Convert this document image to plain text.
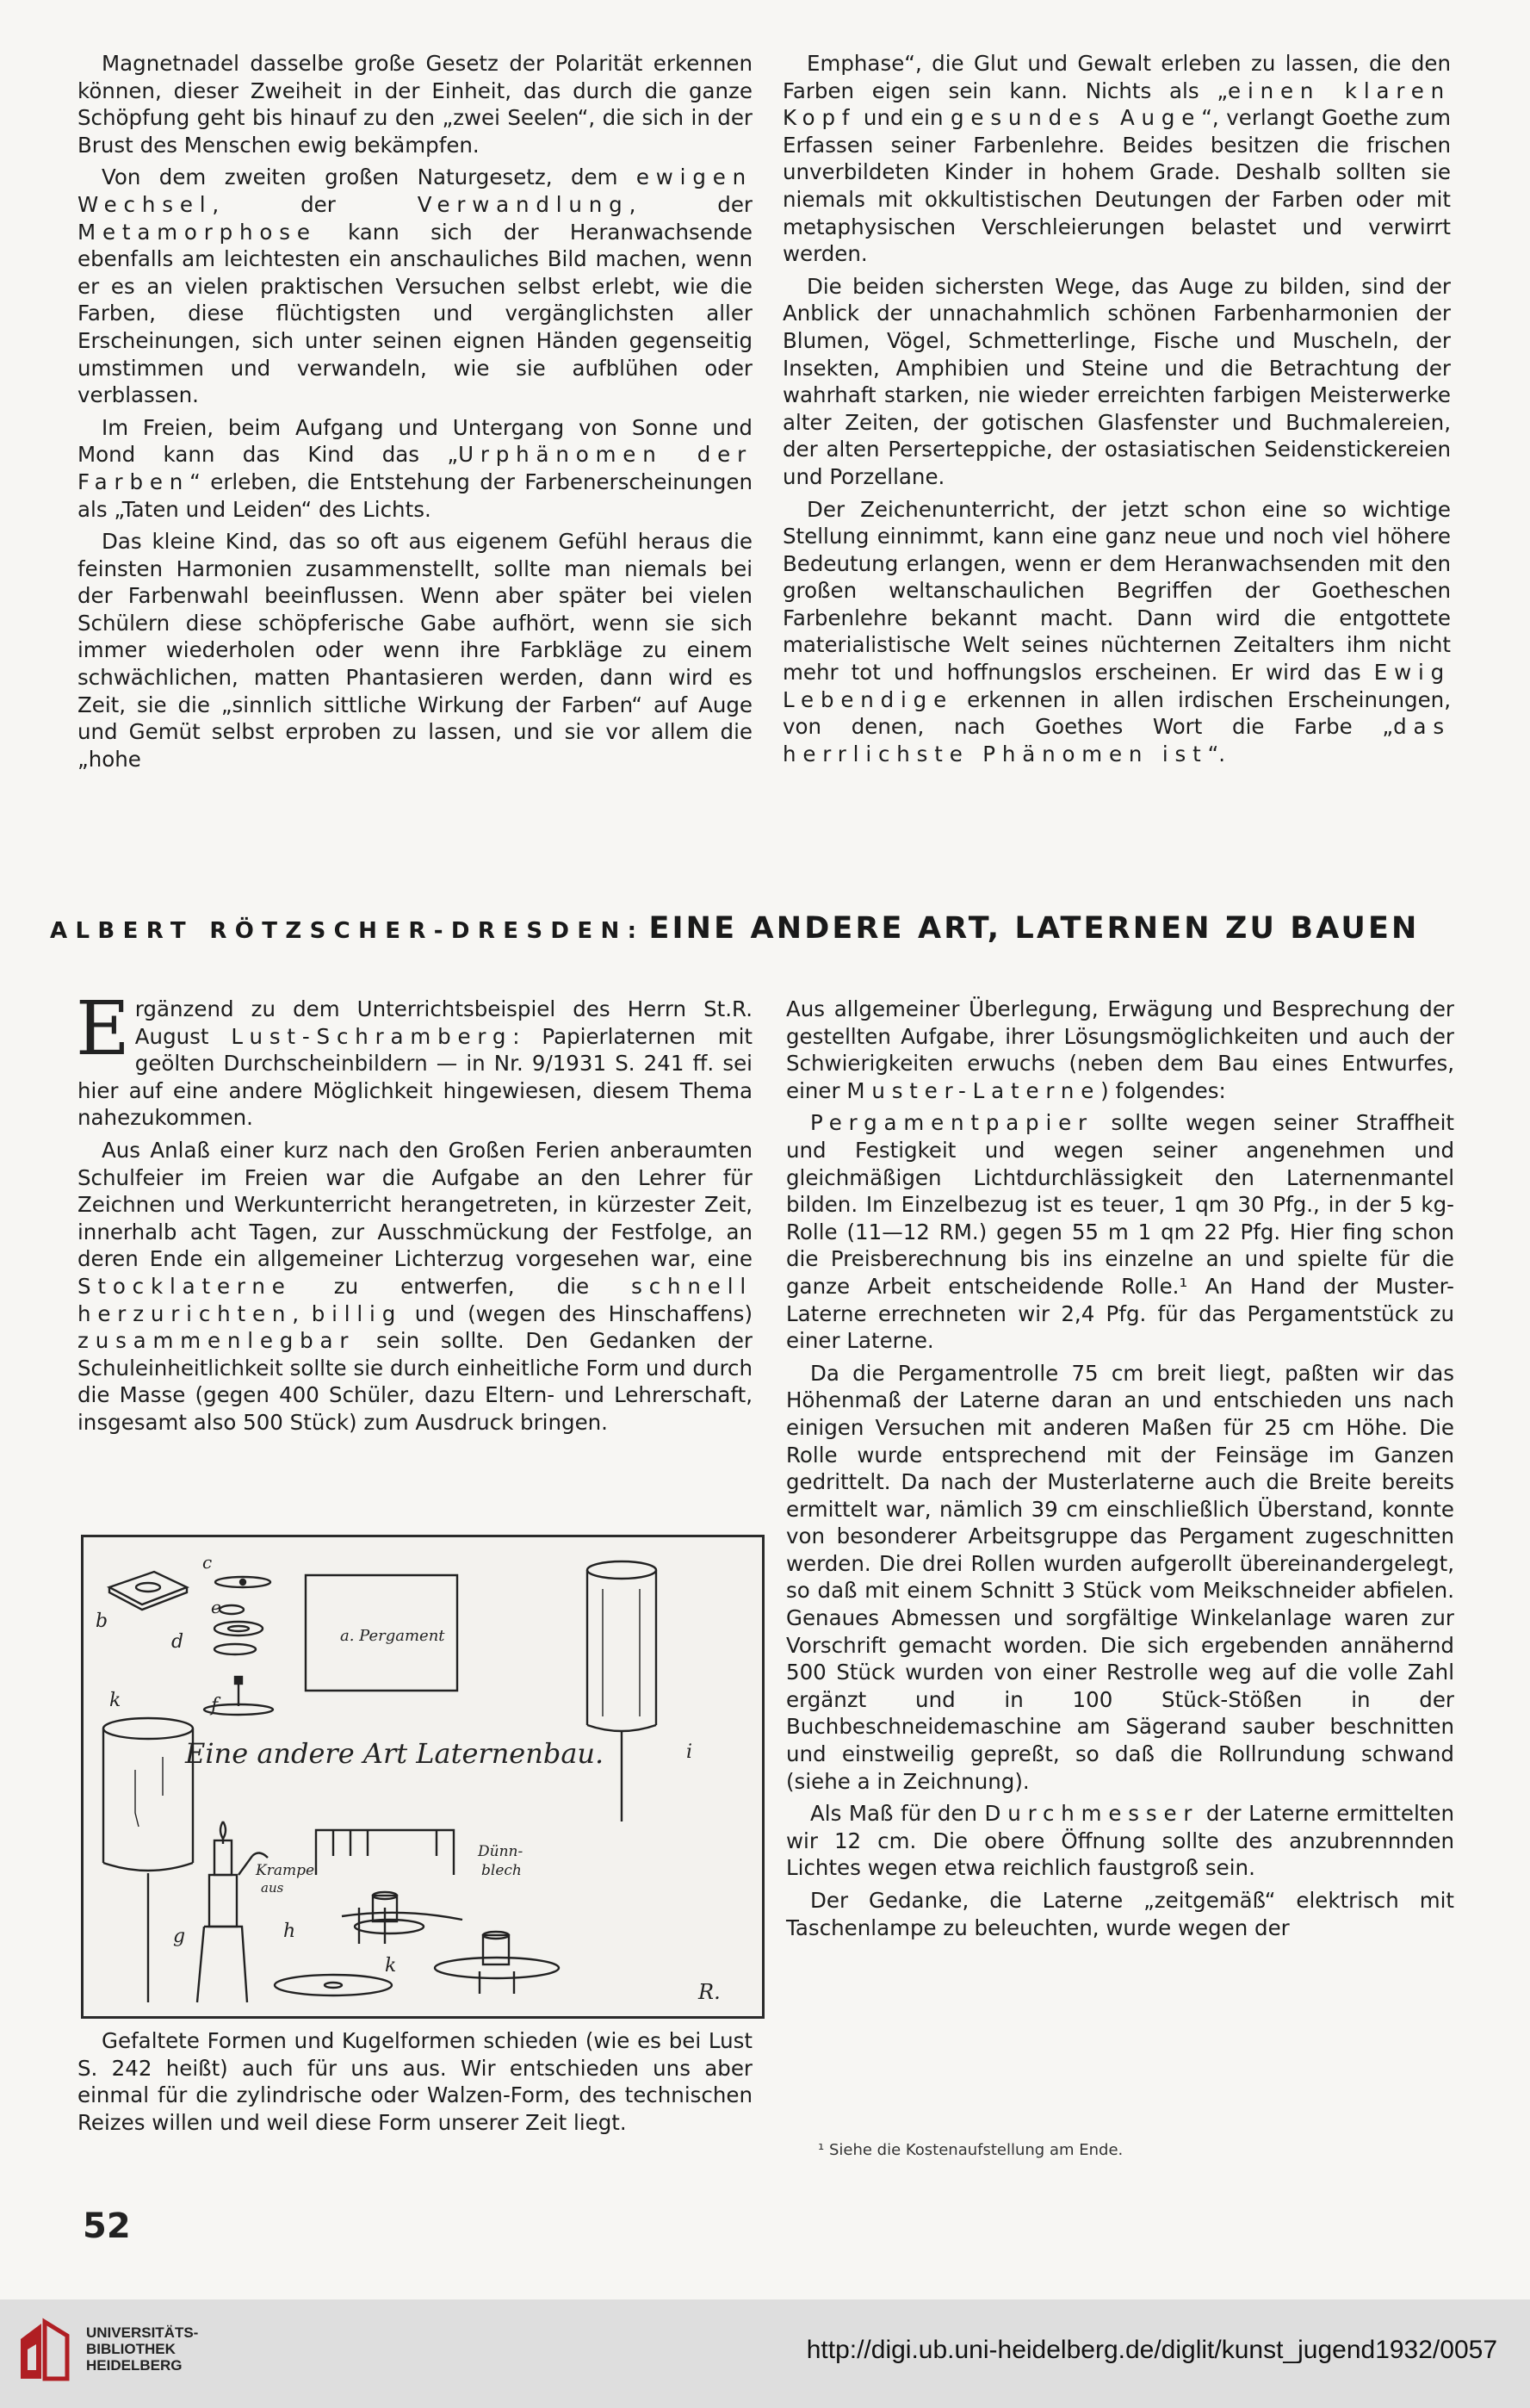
Magnetnadel dasselbe große Gesetz der Polarität erkennen können, dieser Zweiheit in der Einheit, das durch die ganze Schöpfung geht bis hinauf zu den „zwei Seelen“, die sich in der Brust des Menschen ewig bekämpfen.

Von dem zweiten großen Naturgesetz, dem ewigen Wechsel, der Verwandlung, der Metamorphose kann sich der Heranwachsende ebenfalls am leichtesten ein anschauliches Bild machen, wenn er es an vielen praktischen Versuchen selbst erlebt, wie die Farben, diese flüchtigsten und vergänglichsten aller Erscheinungen, sich unter seinen eignen Händen gegenseitig umstimmen und verwandeln, wie sie aufblühen oder verblassen.

Im Freien, beim Aufgang und Untergang von Sonne und Mond kann das Kind das „Urphänomen der Farben“ erleben, die Entstehung der Farbenerscheinungen als „Taten und Leiden“ des Lichts.

Das kleine Kind, das so oft aus eigenem Gefühl heraus die feinsten Harmonien zusammenstellt, sollte man niemals bei der Farbenwahl beeinflussen. Wenn aber später bei vielen Schülern diese schöpferische Gabe aufhört, wenn sie sich immer wiederholen oder wenn ihre Farbkläge zu einem schwächlichen, matten Phantasieren werden, dann wird es Zeit, sie die „sinnlich sittliche Wirkung der Farben“ auf Auge und Gemüt selbst erproben zu lassen, und sie vor allem die „hohe

Emphase“, die Glut und Gewalt erleben zu lassen, die den Farben eigen sein kann. Nichts als „einen klaren Kopf und ein gesundes Auge“, verlangt Goethe zum Erfassen seiner Farbenlehre. Beides besitzen die frischen unverbildeten Kinder in hohem Grade. Deshalb sollten sie niemals mit okkultistischen Deutungen der Farben oder mit metaphysischen Verschleierungen belastet und verwirrt werden.

Die beiden sichersten Wege, das Auge zu bilden, sind der Anblick der unnachahmlich schönen Farbenharmonien der Blumen, Vögel, Schmetterlinge, Fische und Muscheln, der Insekten, Amphibien und Steine und die Betrachtung der wahrhaft starken, nie wieder erreichten farbigen Meisterwerke alter Zeiten, der gotischen Glasfenster und Buchmalereien, der alten Perserteppiche, der ostasiatischen Seidenstickereien und Porzellane.

Der Zeichenunterricht, der jetzt schon eine so wichtige Stellung einnimmt, kann eine ganz neue und noch viel höhere Bedeutung erlangen, wenn er dem Heranwachsenden mit den großen weltanschaulichen Begriffen der Goetheschen Farbenlehre bekannt macht. Dann wird die entgottete materialistische Welt seines nüchternen Zeitalters ihm nicht mehr tot und hoffnungslos erscheinen. Er wird das Ewig Lebendige erkennen in allen irdischen Erscheinungen, von denen, nach Goethes Wort die Farbe „das herrlichste Phänomen ist“.

ALBERT RÖTZSCHER-DRESDEN: EINE ANDERE ART, LATERNEN ZU BAUEN
E rgänzend zu dem Unterrichtsbeispiel des Herrn St.R. August Lust-Schramberg: Papierlaternen mit geölten Durchscheinbildern — in Nr. 9/1931 S. 241 ff. sei hier auf eine andere Möglichkeit hingewiesen, diesem Thema nahezukommen.

Aus Anlaß einer kurz nach den Großen Ferien anberaumten Schulfeier im Freien war die Aufgabe an den Lehrer für Zeichnen und Werkunterricht herangetreten, in kürzester Zeit, innerhalb acht Tagen, zur Ausschmückung der Festfolge, an deren Ende ein allgemeiner Lichterzug vorgesehen war, eine Stocklaterne zu entwerfen, die schnell herzurichten, billig und (wegen des Hinschaffens) zusammenlegbar sein sollte. Den Gedanken der Schuleinheitlichkeit sollte sie durch einheitliche Form und durch die Masse (gegen 400 Schüler, dazu Eltern- und Lehrerschaft, insgesamt also 500 Stück) zum Ausdruck bringen.

b
c
e
d
f
a. Pergament
i
k
Eine andere Art Laternenbau.
g
Krampe
aus
h
k
Dünn-
blech
R.

Gefaltete Formen und Kugelformen schieden (wie es bei Lust S. 242 heißt) auch für uns aus. Wir entschieden uns aber einmal für die zylindrische oder Walzen-Form, des technischen Reizes willen und weil diese Form unserer Zeit liegt.

Aus allgemeiner Überlegung, Erwägung und Besprechung der gestellten Aufgabe, ihrer Lösungsmöglichkeiten und auch der Schwierigkeiten erwuchs (neben dem Bau eines Entwurfes, einer Muster-Laterne) folgendes:

Pergamentpapier sollte wegen seiner Straffheit und Festigkeit und wegen seiner angenehmen und gleichmäßigen Lichtdurchlässigkeit den Laternenmantel bilden. Im Einzelbezug ist es teuer, 1 qm 30 Pfg., in der 5 kg-Rolle (11—12 RM.) gegen 55 m 1 qm 22 Pfg. Hier fing schon die Preisberechnung bis ins einzelne an und spielte für die ganze Arbeit entscheidende Rolle.¹ An Hand der Muster-Laterne errechneten wir 2,4 Pfg. für das Pergamentstück zu einer Laterne.

Da die Pergamentrolle 75 cm breit liegt, paßten wir das Höhenmaß der Laterne daran an und entschieden uns nach einigen Versuchen mit anderen Maßen für 25 cm Höhe. Die Rolle wurde entsprechend mit der Feinsäge im Ganzen gedrittelt. Da nach der Musterlaterne auch die Breite bereits ermittelt war, nämlich 39 cm einschließlich Überstand, konnte von besonderer Arbeitsgruppe das Pergament zugeschnitten werden. Die drei Rollen wurden aufgerollt übereinandergelegt, so daß mit einem Schnitt 3 Stück vom Meikschneider abfielen. Genaues Abmessen und sorgfältige Winkelanlage waren zur Vorschrift gemacht worden. Die sich ergebenden annähernd 500 Stück wurden von einer Restrolle weg auf die volle Zahl ergänzt und in 100 Stück-Stößen in der Buchbeschneidemaschine am Sägerand sauber beschnitten und einstweilig gepreßt, so daß die Rollrundung schwand (siehe a in Zeichnung).

Als Maß für den Durchmesser der Laterne ermittelten wir 12 cm. Die obere Öffnung sollte des anzubrennnden Lichtes wegen etwa reichlich faustgroß sein.

Der Gedanke, die Laterne „zeitgemäß“ elektrisch mit Taschenlampe zu beleuchten, wurde wegen der

¹ Siehe die Kostenaufstellung am Ende.
52
UNIVERSITÄTS-
BIBLIOTHEK
HEIDELBERG
http://digi.ub.uni-heidelberg.de/diglit/kunst_jugend1932/0057
